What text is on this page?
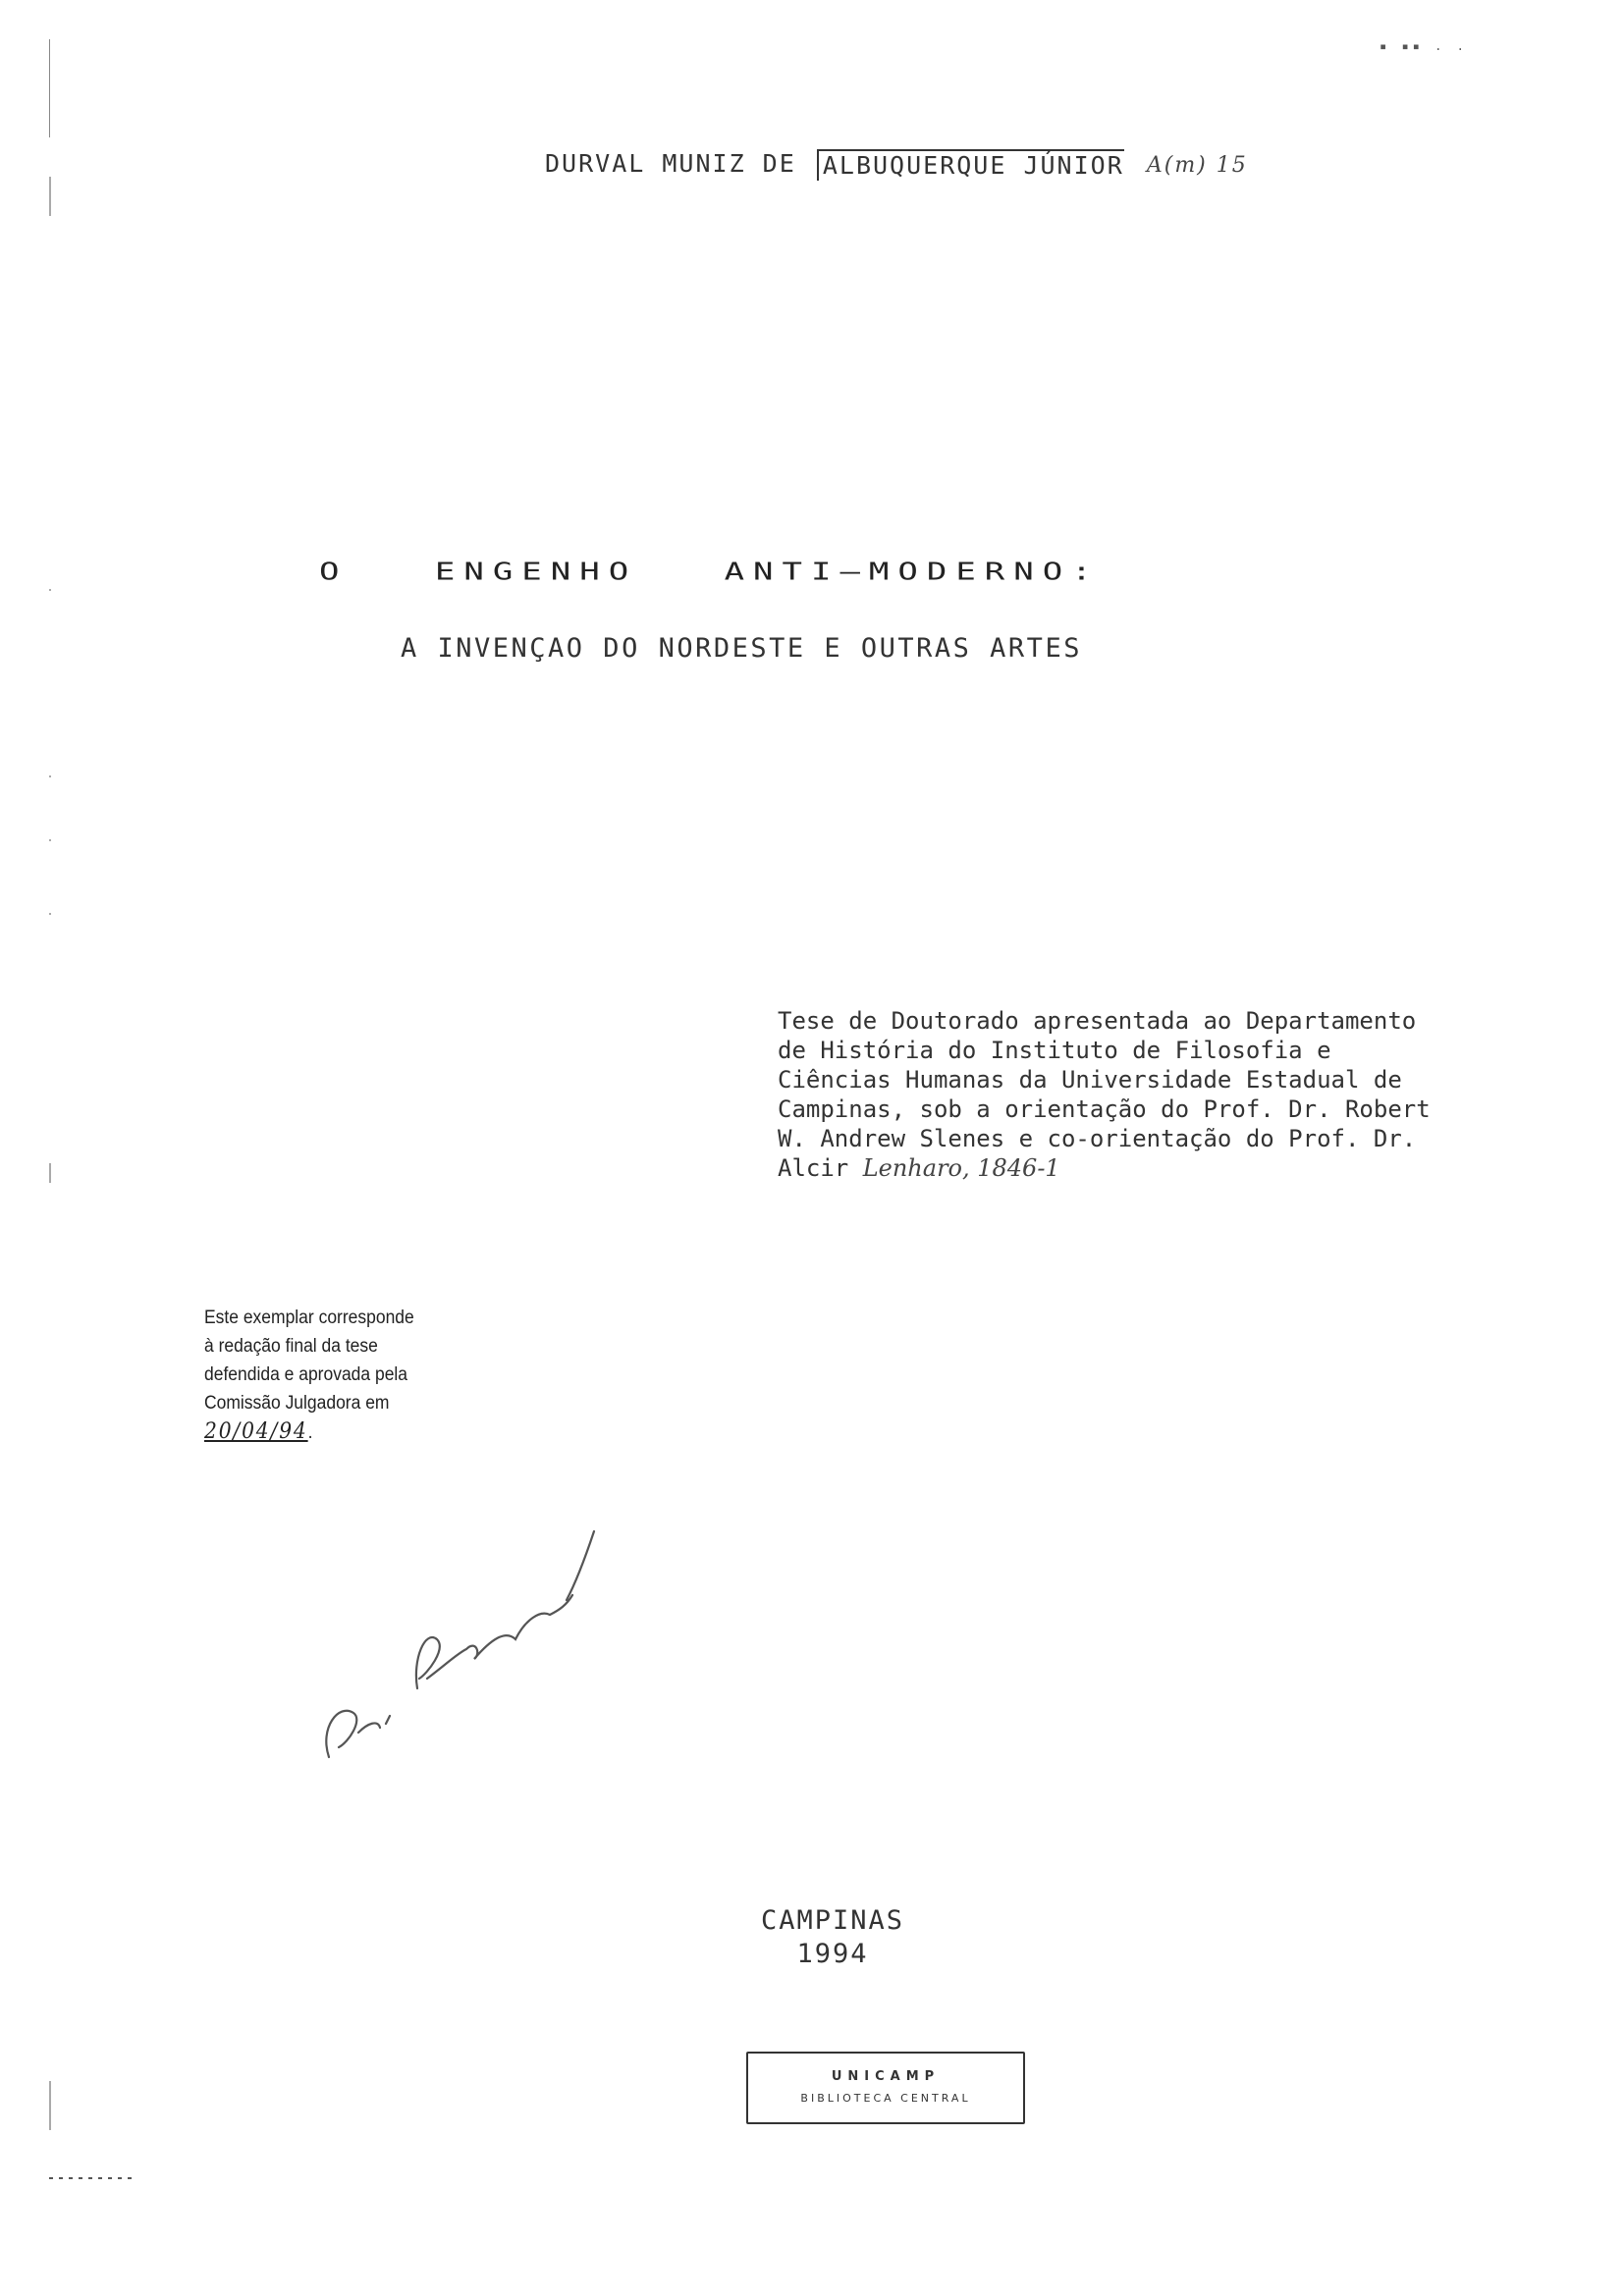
▪ ▪▪ . .
DURVAL MUNIZ DE ALBUQUERQUE JÚNIOR A(m) 15
O   ENGENHO   ANTI—MODERNO:
A INVENÇAO DO NORDESTE E OUTRAS ARTES
Tese de Doutorado apresentada ao Departamento
de História do Instituto de Filosofia e
Ciências Humanas da Universidade Estadual de
Campinas, sob a orientação do Prof. Dr. Robert
W. Andrew Slenes e co-orientação do Prof. Dr.
Alcir Lenharo, 1846-1
Este exemplar corresponde
à redação final da tese
defendida e aprovada pela
Comissão Julgadora em
20/04/94.
CAMPINAS
1994
UNICAMP
BIBLIOTECA CENTRAL
